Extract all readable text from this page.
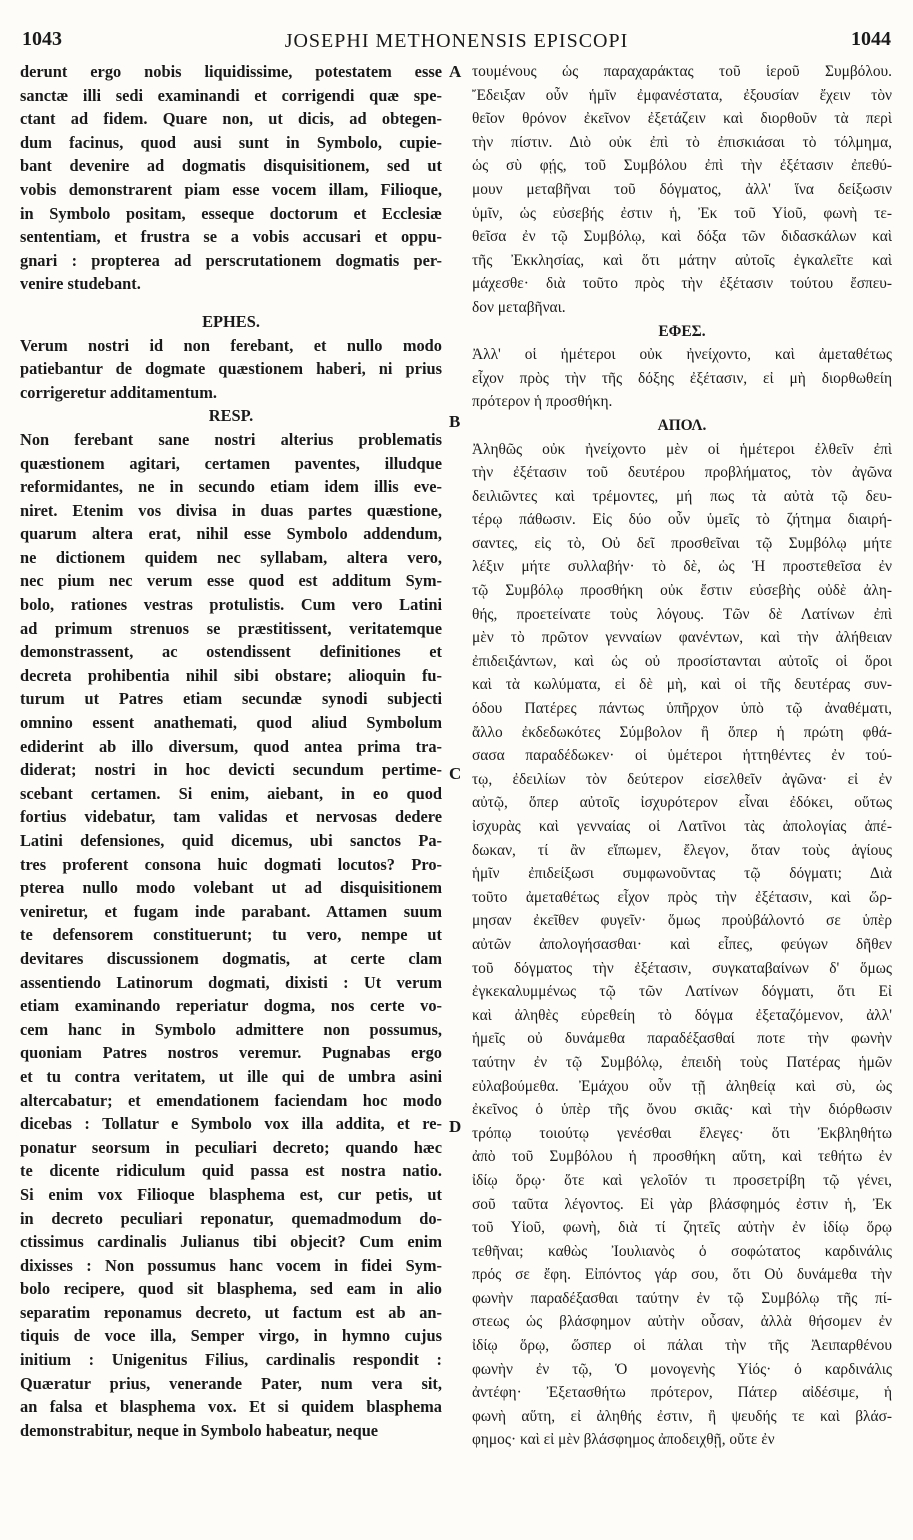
1043	JOSEPHI METHONENSIS EPISCOPI	1044
derunt ergo nobis liquidissime, potestatem esse
sanctæ illi sedi examinandi et corrigendi quæ spe-
ctant ad fidem. Quare non, ut dicis, ad obtegen-
dum facinus, quod ausi sunt in Symbolo, cupie-
bant devenire ad dogmatis disquisitionem, sed ut
vobis demonstrarent piam esse vocem illam, Filioque,
in Symbolo positam, esseque doctorum et Ecclesiæ
sententiam, et frustra se a vobis accusari et oppu-
gnari : propterea ad perscrutationem dogmatis per-
venire studebant.
EPHES.
Verum nostri id non ferebant, et nullo modo
patiebantur de dogmate quæstionem haberi, ni prius
corrigeretur additamentum.
RESP.
Non ferebant sane nostri alterius problematis
quæstionem agitari, certamen paventes, illudque
reformidantes, ne in secundo etiam idem illis eve-
niret. Etenim vos divisa in duas partes quæstione,
quarum altera erat, nihil esse Symbolo addendum,
ne dictionem quidem nec syllabam, altera vero,
nec pium nec verum esse quod est additum Sym-
bolo, rationes vestras protulistis. Cum vero Latini
ad primum strenuos se præstitissent, veritatemque
demonstrassent, ac ostendissent definitiones et
decreta prohibentia nihil sibi obstare; alioquin fu-
turum ut Patres etiam secundæ synodi subjecti
omnino essent anathemati, quod aliud Symbolum
ediderint ab illo diversum, quod antea prima tra-
diderat; nostri in hoc devicti secundum pertime-
scebant certamen. Si enim, aiebant, in eo quod
fortius videbatur, tam validas et nervosas dedere
Latini defensiones, quid dicemus, ubi sanctos Pa-
tres proferent consona huic dogmati locutos? Pro-
pterea nullo modo volebant ut ad disquisitionem
veniretur, et fugam inde parabant. Attamen suum
te defensorem constituerunt; tu vero, nempe ut
devitares discussionem dogmatis, at certe clam
assentiendo Latinorum dogmati, dixisti : Ut verum
etiam examinando reperiatur dogma, nos certe vo-
cem hanc in Symbolo admittere non possumus,
quoniam Patres nostros veremur. Pugnabas ergo
et tu contra veritatem, ut ille qui de umbra asini
altercabatur; et emendationem faciendam hoc modo
dicebas : Tollatur e Symbolo vox illa addita, et re-
ponatur seorsum in peculiari decreto; quando hæc
te dicente ridiculum quid passa est nostra natio.
Si enim vox Filioque blasphema est, cur petis, ut
in decreto peculiari reponatur, quemadmodum do-
ctissimus cardinalis Julianus tibi objecit? Cum enim
dixisses : Non possumus hanc vocem in fidei Sym-
bolo recipere, quod sit blasphema, sed eam in alio
separatim reponamus decreto, ut factum est ab an-
tiquis de voce illa, Semper virgo, in hymno cujus
initium : Unigenitus Filius, cardinalis respondit :
Quæratur prius, venerande Pater, num vera sit,
an falsa et blasphema vox. Et si quidem blasphema
demonstrabitur, neque in Symbolo habeatur, neque
τουμένους ὡς παραχαράκτας τοῦ ἱεροῦ Συμβόλου.
Ἔδειξαν οὖν ἡμῖν ἐμφανέστατα, ἐξουσίαν ἔχειν τὸν
θεῖον θρόνον ἐκεῖνον ἐξετάζειν καὶ διορθοῦν τὰ περὶ
τὴν πίστιν. Διὸ οὐκ ἐπὶ τὸ ἐπισκιάσαι τὸ τόλμημα,
ὡς σὺ φῄς, τοῦ Συμβόλου ἐπὶ τὴν ἐξέτασιν ἐπεθύ-
μουν μεταβῆναι τοῦ δόγματος, ἀλλ' ἵνα δείξωσιν
ὑμῖν, ὡς εὐσεβής ἐστιν ἡ, Ἐκ τοῦ Υἱοῦ, φωνὴ τε-
θεῖσα ἐν τῷ Συμβόλῳ, καὶ δόξα τῶν διδασκάλων καὶ
τῆς Ἐκκλησίας, καὶ ὅτι μάτην αὐτοῖς ἐγκαλεῖτε καὶ
μάχεσθε· διὰ τοῦτο πρὸς τὴν ἐξέτασιν τούτου ἔσπευ-
δον μεταβῆναι.
ΕΦΕΣ.
Ἀλλ' οἱ ἡμέτεροι οὐκ ἠνείχοντο, καὶ ἀμεταθέτως
εἶχον πρὸς τὴν τῆς δόξης ἐξέτασιν, εἰ μὴ διορθωθείη
πρότερον ἡ προσθήκη.
ΑΠΟΛ.
Ἀληθῶς οὐκ ἠνείχοντο μὲν οἱ ἡμέτεροι ἐλθεῖν ἐπὶ
τὴν ἐξέτασιν τοῦ δευτέρου προβλήματος, τὸν ἀγῶνα
δειλιῶντες καὶ τρέμοντες, μή πως τὰ αὐτὰ τῷ δευ-
τέρῳ πάθωσιν. Εἰς δύο οὖν ὑμεῖς τὸ ζήτημα διαιρή-
σαντες, εἰς τὸ, Οὐ δεῖ προσθεῖναι τῷ Συμβόλῳ μήτε
λέξιν μήτε συλλαβήν· τὸ δὲ, ὡς Ἡ προστεθεῖσα ἐν
τῷ Συμβόλῳ προσθήκη οὐκ ἔστιν εὐσεβὴς οὐδὲ ἀλη-
θής, προετείνατε τοὺς λόγους. Τῶν δὲ Λατίνων ἐπὶ
μὲν τὸ πρῶτον γενναίων φανέντων, καὶ τὴν ἀλήθειαν
ἐπιδειξάντων, καὶ ὡς οὐ προσίστανται αὐτοῖς οἱ ὅροι
καὶ τὰ κωλύματα, εἰ δὲ μὴ, καὶ οἱ τῆς δευτέρας συν-
όδου Πατέρες πάντως ὑπῆρχον ὑπὸ τῷ ἀναθέματι,
ἄλλο ἐκδεδωκότες Σύμβολον ἢ ὅπερ ἡ πρώτη φθά-
σασα παραδέδωκεν· οἱ ὑμέτεροι ἡττηθέντες ἐν τού-
τῳ, ἐδειλίων τὸν δεύτερον εἰσελθεῖν ἀγῶνα· εἰ ἐν
αὐτῷ, ὅπερ αὐτοῖς ἰσχυρότερον εἶναι ἐδόκει, οὕτως
ἰσχυρὰς καὶ γενναίας οἱ Λατῖνοι τὰς ἀπολογίας ἀπέ-
δωκαν, τί ἂν εἴπωμεν, ἔλεγον, ὅταν τοὺς ἁγίους
ἡμῖν ἐπιδείξωσι συμφωνοῦντας τῷ δόγματι; Διὰ
τοῦτο ἀμεταθέτως εἶχον πρὸς τὴν ἐξέτασιν, καὶ ὥρ-
μησαν ἐκεῖθεν φυγεῖν· ὅμως προὐβάλοντό σε ὑπὲρ
αὐτῶν ἀπολογήσασθαι· καὶ εἶπες, φεύγων δῆθεν
τοῦ δόγματος τὴν ἐξέτασιν, συγκαταβαίνων δ' ὅμως
ἐγκεκαλυμμένως τῷ τῶν Λατίνων δόγματι, ὅτι Εἰ
καὶ ἀληθὲς εὑρεθείη τὸ δόγμα ἐξεταζόμενον, ἀλλ'
ἡμεῖς οὐ δυνάμεθα παραδέξασθαί ποτε τὴν φωνὴν
ταύτην ἐν τῷ Συμβόλῳ, ἐπειδὴ τοὺς Πατέρας ἡμῶν
εὐλαβούμεθα. Ἐμάχου οὖν τῇ ἀληθείᾳ καὶ σὺ, ὡς
ἐκεῖνος ὁ ὑπὲρ τῆς ὄνου σκιᾶς· καὶ τὴν διόρθωσιν
τρόπῳ τοιούτῳ γενέσθαι ἔλεγες· ὅτι Ἐκβληθήτω
ἀπὸ τοῦ Συμβόλου ἡ προσθήκη αὕτη, καὶ τεθήτω ἐν
ἰδίῳ ὅρῳ· ὅτε καὶ γελοῖόν τι προσετρίβη τῷ γένει,
σοῦ ταῦτα λέγοντος. Εἰ γὰρ βλάσφημός ἐστιν ἡ, Ἐκ
τοῦ Υἱοῦ, φωνὴ, διὰ τί ζητεῖς αὐτὴν ἐν ἰδίῳ ὅρῳ
τεθῆναι; καθὼς Ἰουλιανὸς ὁ σοφώτατος καρδινάλις
πρός σε ἔφη. Εἰπόντος γάρ σου, ὅτι Οὐ δυνάμεθα τὴν
φωνὴν παραδέξασθαι ταύτην ἐν τῷ Συμβόλῳ τῆς πί-
στεως ὡς βλάσφημον αὐτὴν οὖσαν, ἀλλὰ θήσομεν ἐν
ἰδίῳ ὅρῳ, ὥσπερ οἱ πάλαι τὴν τῆς Ἀειπαρθένου
φωνὴν ἐν τῷ, Ὁ μονογενὴς Υἱός· ὁ καρδινάλις
ἀντέφη· Ἐξετασθήτω πρότερον, Πάτερ αἰδέσιμε, ἡ
φωνὴ αὕτη, εἰ ἀληθής ἐστιν, ἢ ψευδής τε καὶ βλάσ-
φημος· καὶ εἰ μὲν βλάσφημος ἀποδειχθῇ, οὔτε ἐν
A
B
C
D
